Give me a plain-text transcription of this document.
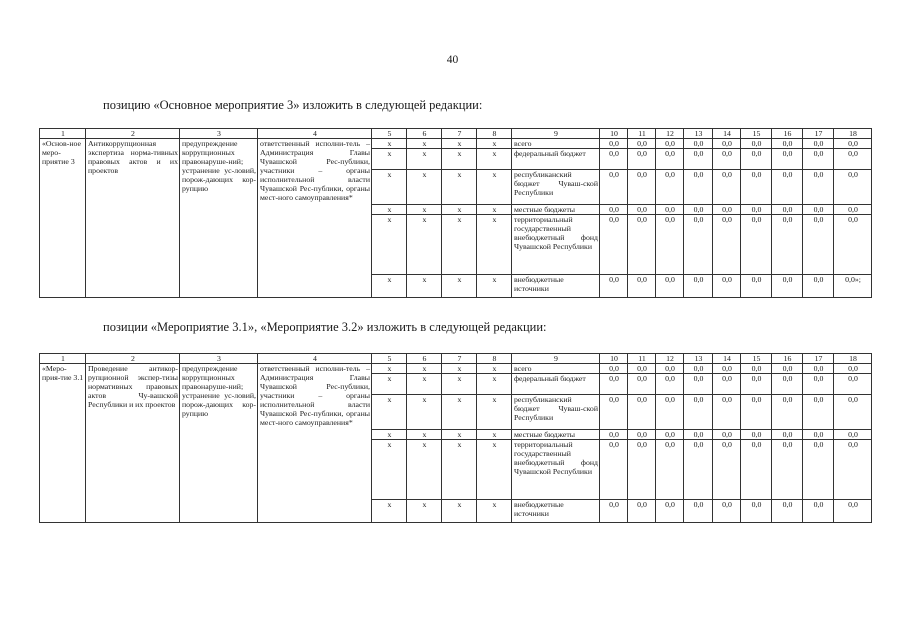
40
позицию «Основное мероприятие 3» изложить в следующей редакции:
позиции «Мероприятие 3.1», «Мероприятие 3.2» изложить в следующей редакции:
1	2	3	4	5	6	7	8	9	10	11	12	13	14	15	16	17	18
«Основ-ное меро-приятие 3	Антикоррупционная экспертиза норма-тивных правовых актов и их проектов	предупреждение коррупционных правонаруше-ний; устранение ус-ловий, порож-дающих кор-рупцию	ответственный исполни-тель – Администрация Главы Чувашской Рес-публики, участники – органы исполнительной власти Чувашской Рес-публики, органы мест-ного самоуправления*	x	x	x	x	всего	0,0	0,0	0,0	0,0	0,0	0,0	0,0	0,0	0,0
				x	x	x	x	федеральный бюджет	0,0	0,0	0,0	0,0	0,0	0,0	0,0	0,0	0,0
				x	x	x	x	республиканский бюджет Чуваш-ской Республики	0,0	0,0	0,0	0,0	0,0	0,0	0,0	0,0	0,0
				x	x	x	x	местные бюджеты	0,0	0,0	0,0	0,0	0,0	0,0	0,0	0,0	0,0
				x	x	x	x	территориальный государственный внебюджетный фонд Чувашской Республики	0,0	0,0	0,0	0,0	0,0	0,0	0,0	0,0	0,0
				x	x	x	x	внебюджетные источники	0,0	0,0	0,0	0,0	0,0	0,0	0,0	0,0	0,0»;
1	2	3	4	5	6	7	8	9	10	11	12	13	14	15	16	17	18
«Меро-прия-тие 3.1	Проведение антикор-рупционной экспер-тизы нормативных правовых актов Чу-вашской Республики и их проектов	предупреждение коррупционных правонаруше-ний; устранение ус-ловий, порож-дающих кор-рупцию	ответственный исполни-тель – Администрация Главы Чувашской Рес-публики, участники – органы исполнительной власти Чувашской Рес-публики, органы мест-ного самоуправления*	x	x	x	x	всего	0,0	0,0	0,0	0,0	0,0	0,0	0,0	0,0	0,0
				x	x	x	x	федеральный бюджет	0,0	0,0	0,0	0,0	0,0	0,0	0,0	0,0	0,0
				x	x	x	x	республиканский бюджет Чуваш-ской Республики	0,0	0,0	0,0	0,0	0,0	0,0	0,0	0,0	0,0
				x	x	x	x	местные бюджеты	0,0	0,0	0,0	0,0	0,0	0,0	0,0	0,0	0,0
				x	x	x	x	территориальный государственный внебюджетный фонд Чувашской Республики	0,0	0,0	0,0	0,0	0,0	0,0	0,0	0,0	0,0
				x	x	x	x	внебюджетные источники	0,0	0,0	0,0	0,0	0,0	0,0	0,0	0,0	0,0
